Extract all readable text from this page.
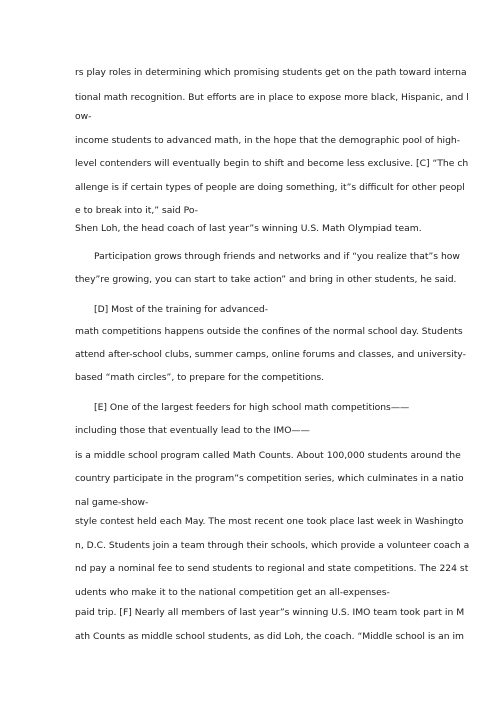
rs play roles in determining which promising students get on the path toward interna
tional math recognition. But efforts are in place to expose more black, Hispanic, and l
ow-
income students to advanced math, in the hope that the demographic pool of high-
level contenders will eventually begin to shift and become less exclusive. [C] “The ch
allenge is if certain types of people are doing something, it”s difficult for other peopl
e to break into it,” said Po-
Shen Loh, the head coach of last year”s winning U.S. Math Olympiad team.
Participation grows through friends and networks and if “you realize that”s how
they”re growing, you can start to take action” and bring in other students, he said.
[D] Most of the training for advanced-
math competitions happens outside the confines of the normal school day. Students
attend after-school clubs, summer camps, online forums and classes, and university-
based “math circles”, to prepare for the competitions.
[E] One of the largest feeders for high school math competitions——
including those that eventually lead to the IMO——
is a middle school program called Math Counts. About 100,000 students around the
country participate in the program”s competition series, which culminates in a natio
nal game-show-
style contest held each May. The most recent one took place last week in Washingto
n, D.C. Students join a team through their schools, which provide a volunteer coach a
nd pay a nominal fee to send students to regional and state competitions. The 224 st
udents who make it to the national competition get an all-expenses-
paid trip. [F] Nearly all members of last year”s winning U.S. IMO team took part in M
ath Counts as middle school students, as did Loh, the coach. “Middle school is an im
